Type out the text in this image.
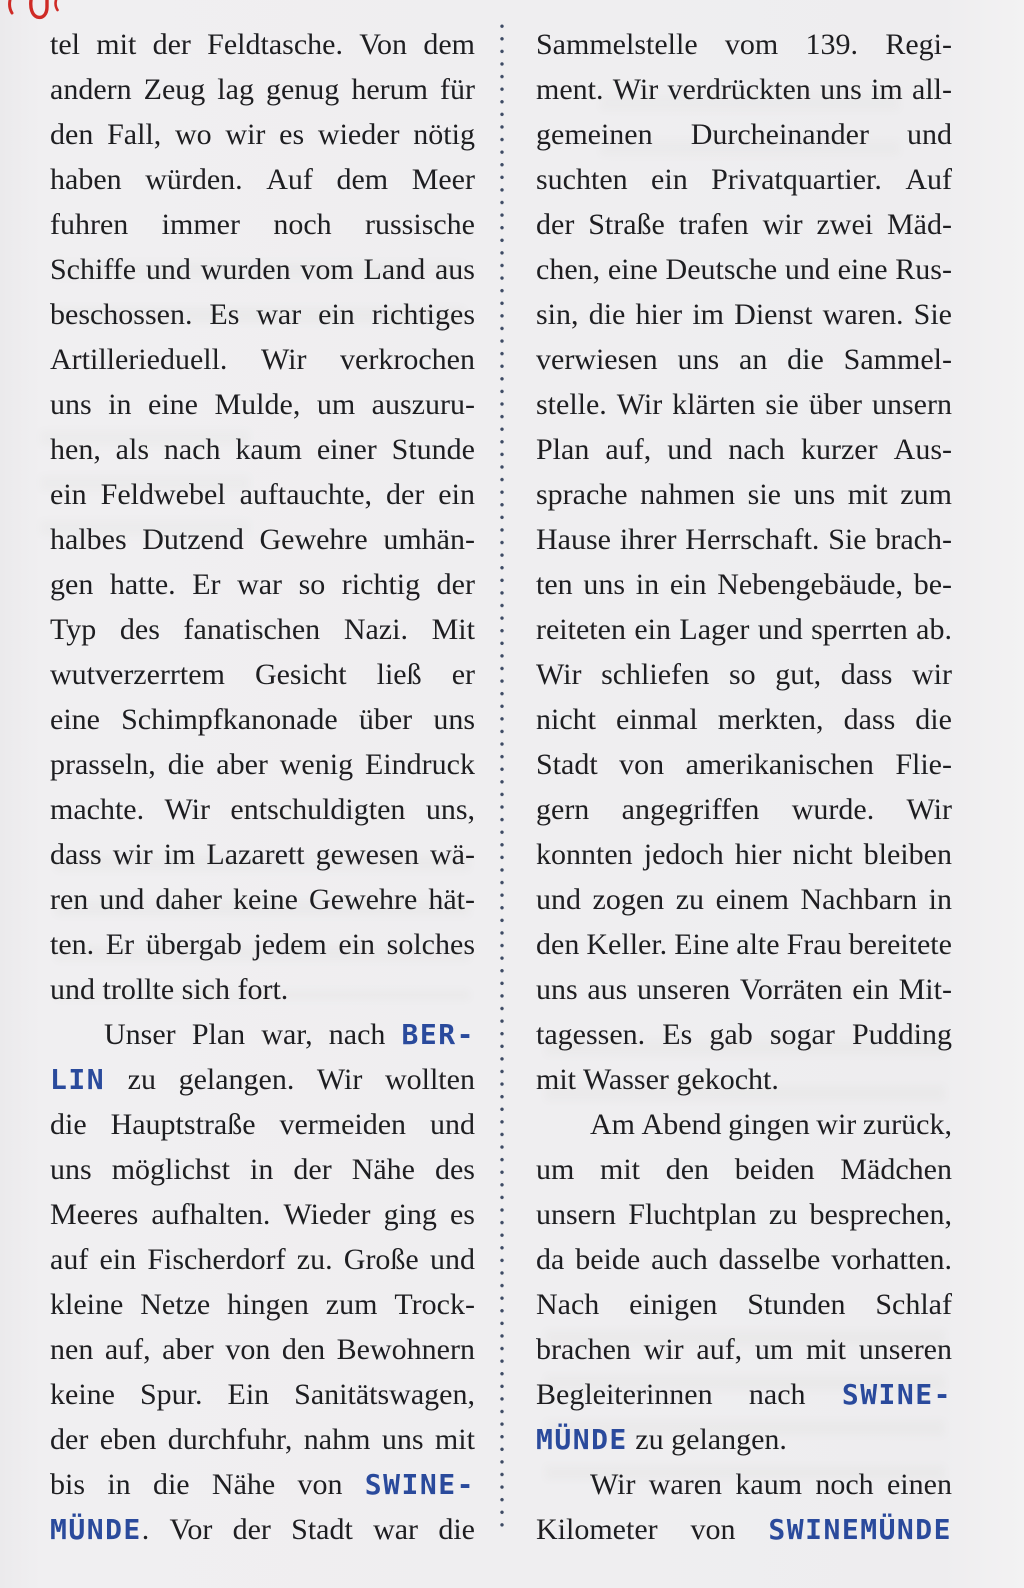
tel mit der Feldtasche. Von dem
andern Zeug lag genug herum für
den Fall, wo wir es wieder nötig
haben würden. Auf dem Meer
fuhren immer noch russische
Schiffe und wurden vom Land aus
beschossen. Es war ein richtiges
Artillerieduell. Wir verkrochen
uns in eine Mulde, um auszuru-
hen, als nach kaum einer Stunde
ein Feldwebel auftauchte, der ein
halbes Dutzend Gewehre umhän-
gen hatte. Er war so richtig der
Typ des fanatischen Nazi. Mit
wutverzerrtem Gesicht ließ er
eine Schimpfkanonade über uns
prasseln, die aber wenig Eindruck
machte. Wir entschuldigten uns,
dass wir im Lazarett gewesen wä-
ren und daher keine Gewehre hät-
ten. Er übergab jedem ein solches
und trollte sich fort.
Unser Plan war, nach BER-
LIN zu gelangen. Wir wollten
die Hauptstraße vermeiden und
uns möglichst in der Nähe des
Meeres aufhalten. Wieder ging es
auf ein Fischerdorf zu. Große und
kleine Netze hingen zum Trock-
nen auf, aber von den Bewohnern
keine Spur. Ein Sanitätswagen,
der eben durchfuhr, nahm uns mit
bis in die Nähe von SWINE-
MÜNDE. Vor der Stadt war die
Sammelstelle vom 139. Regi-
ment. Wir verdrückten uns im all-
gemeinen Durcheinander und
suchten ein Privatquartier. Auf
der Straße trafen wir zwei Mäd-
chen, eine Deutsche und eine Rus-
sin, die hier im Dienst waren. Sie
verwiesen uns an die Sammel-
stelle. Wir klärten sie über unsern
Plan auf, und nach kurzer Aus-
sprache nahmen sie uns mit zum
Hause ihrer Herrschaft. Sie brach-
ten uns in ein Nebengebäude, be-
reiteten ein Lager und sperrten ab.
Wir schliefen so gut, dass wir
nicht einmal merkten, dass die
Stadt von amerikanischen Flie-
gern angegriffen wurde. Wir
konnten jedoch hier nicht bleiben
und zogen zu einem Nachbarn in
den Keller. Eine alte Frau bereitete
uns aus unseren Vorräten ein Mit-
tagessen. Es gab sogar Pudding
mit Wasser gekocht.
Am Abend gingen wir zurück,
um mit den beiden Mädchen
unsern Fluchtplan zu besprechen,
da beide auch dasselbe vorhatten.
Nach einigen Stunden Schlaf
brachen wir auf, um mit unseren
Begleiterinnen nach SWINE-
MÜNDE zu gelangen.
Wir waren kaum noch einen
Kilometer von SWINEMÜNDE
